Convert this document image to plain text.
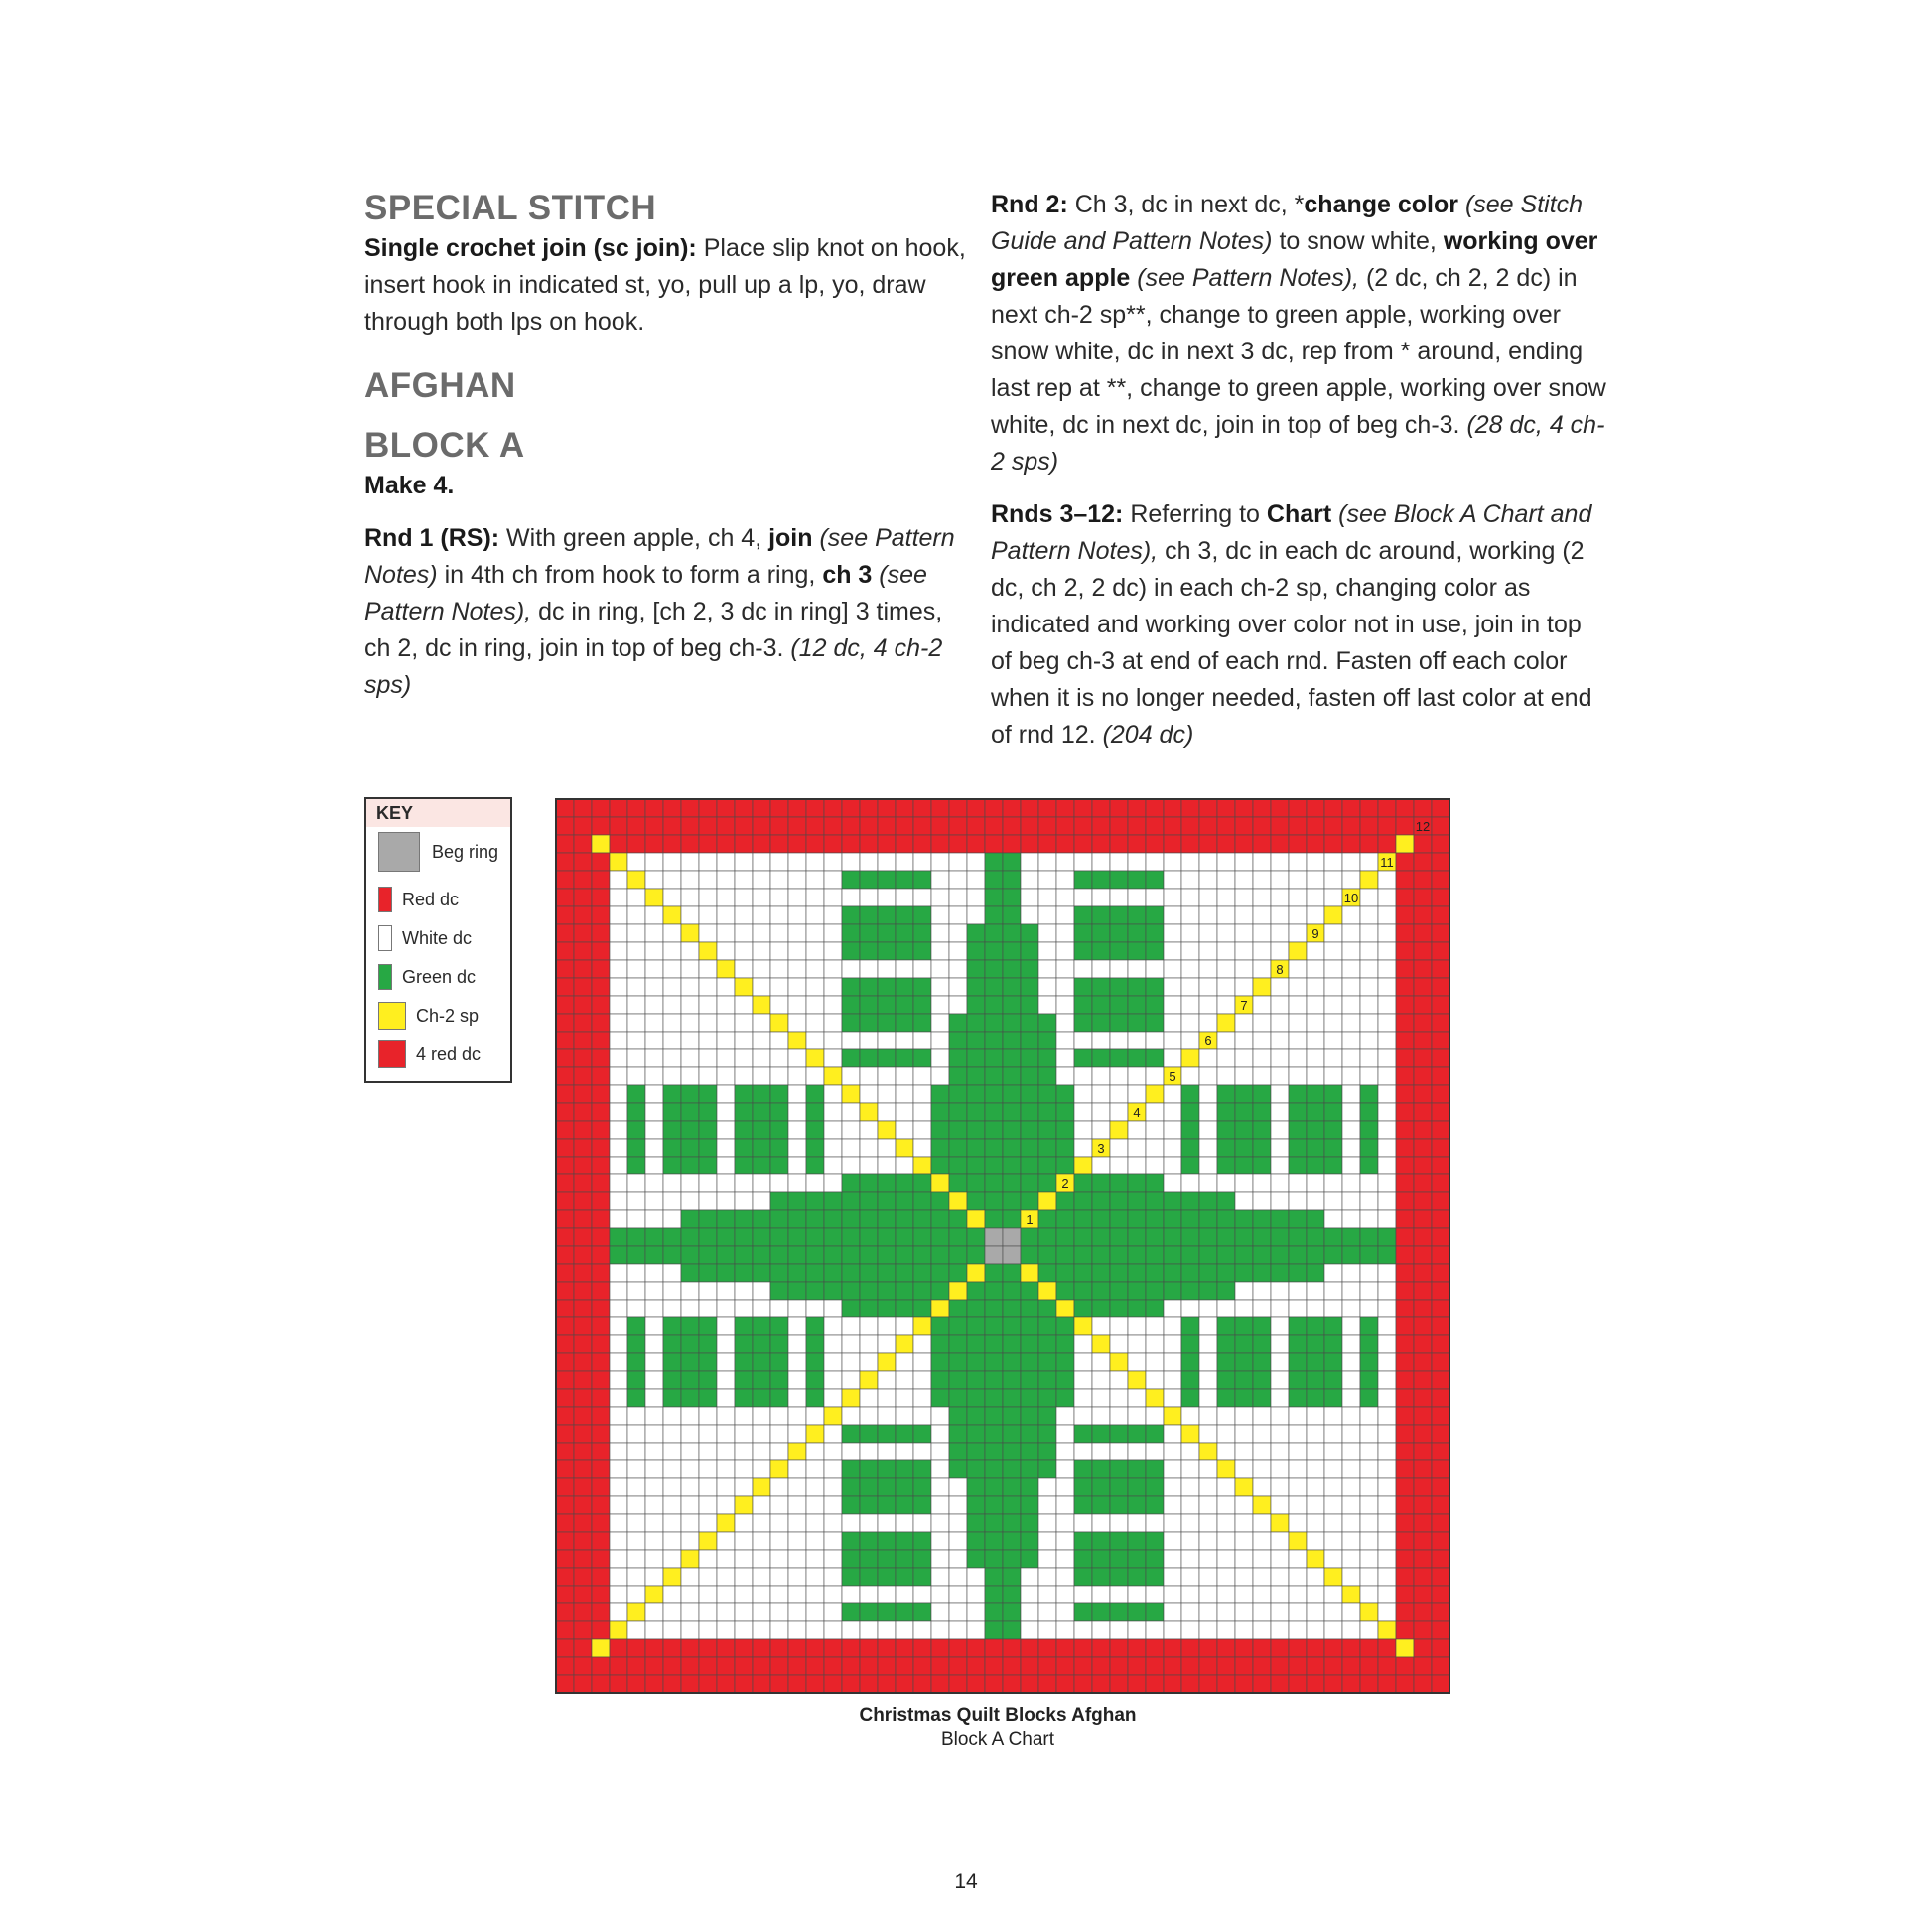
SPECIAL STITCH

Single crochet join (sc join): Place slip knot on hook, insert hook in indicated st, yo, pull up a lp, yo, draw through both lps on hook.

AFGHAN
BLOCK A

Make 4.

Rnd 1 (RS): With green apple, ch 4, join (see Pattern Notes) in 4th ch from hook to form a ring, ch 3 (see Pattern Notes), dc in ring, [ch 2, 3 dc in ring] 3 times, ch 2, dc in ring, join in top of beg ch-3. (12 dc, 4 ch-2 sps)

Rnd 2: Ch 3, dc in next dc, *change color (see Stitch Guide and Pattern Notes) to snow white, working over green apple (see Pattern Notes), (2 dc, ch 2, 2 dc) in next ch-2 sp**, change to green apple, working over snow white, dc in next 3 dc, rep from * around, ending last rep at **, change to green apple, working over snow white, dc in next dc, join in top of beg ch-3. (28 dc, 4 ch-2 sps)

Rnds 3–12: Referring to Chart (see Block A Chart and Pattern Notes), ch 3, dc in each dc around, working (2 dc, ch 2, 2 dc) in each ch-2 sp, changing color as indicated and working over color not in use, join in top of beg ch-3 at end of each rnd. Fasten off each color when it is no longer needed, fasten off last color at end of rnd 12. (204 dc)

KEY
Beg ring
Red dc
White dc
Green dc
Ch-2 sp
4 red dc
1
2
3
4
5
6
7
8
9
10
11
12
Christmas Quilt Blocks Afghan
Block A Chart
14
